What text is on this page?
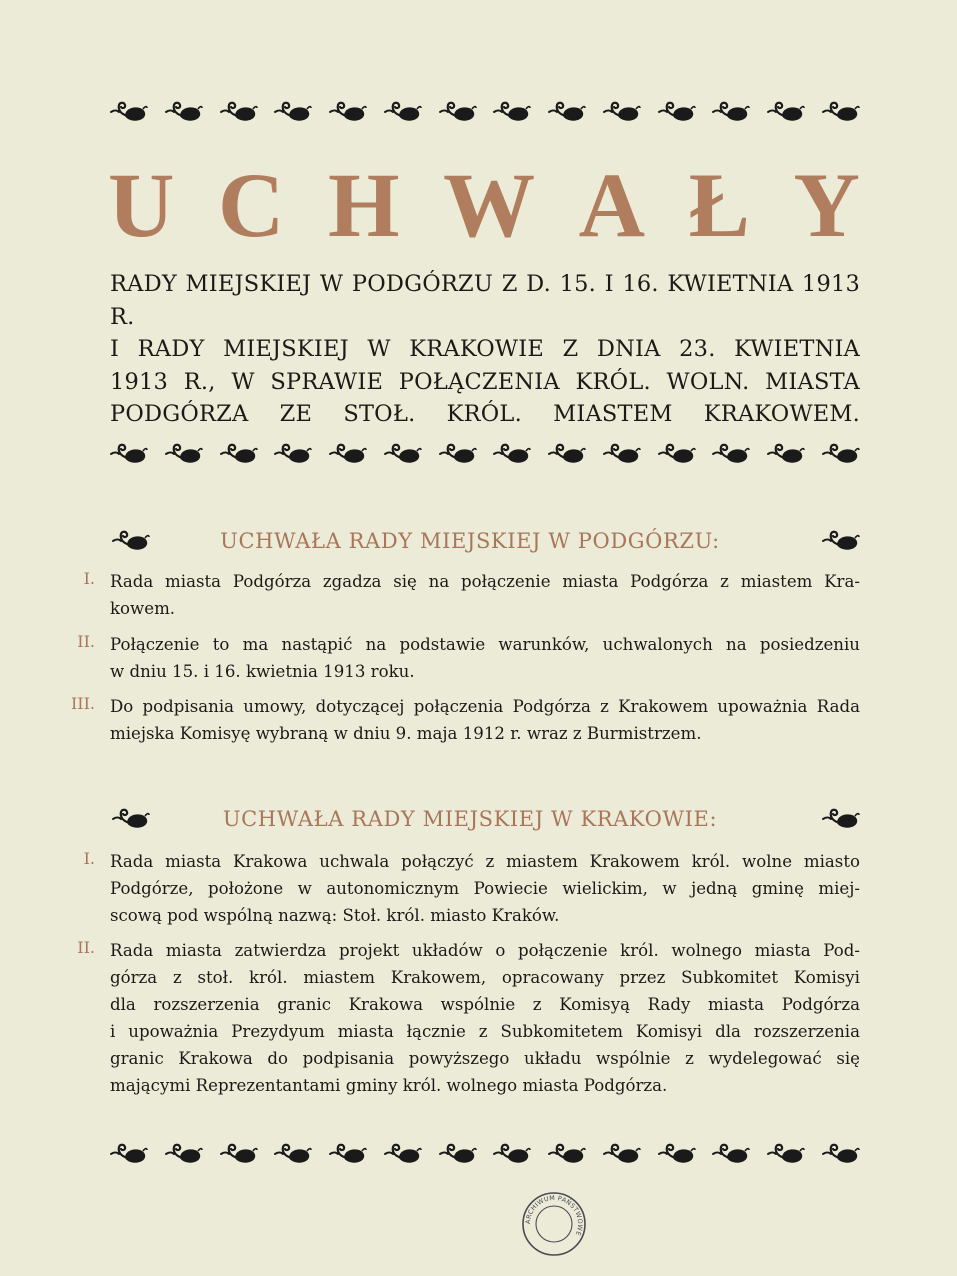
U C H W A Ł Y
RADY MIEJSKIEJ W PODGÓRZU Z D. 15. I 16. KWIETNIA 1913 R.
I RADY MIEJSKIEJ W KRAKOWIE Z DNIA 23. KWIETNIA
1913 R., W SPRAWIE POŁĄCZENIA KRÓL. WOLN. MIASTA
PODGÓRZA ZE STOŁ. KRÓL. MIASTEM KRAKOWEM.
UCHWAŁA RADY MIEJSKIEJ W PODGÓRZU:
I. Rada miasta Podgórza zgadza się na połączenie miasta Podgórza z miastem Kra-
kowem.
II. Połączenie to ma nastąpić na podstawie warunków, uchwalonych na posiedzeniu
w dniu 15. i 16. kwietnia 1913 roku.
III. Do podpisania umowy, dotyczącej połączenia Podgórza z Krakowem upoważnia Rada
miejska Komisyę wybraną w dniu 9. maja 1912 r. wraz z Burmistrzem.
UCHWAŁA RADY MIEJSKIEJ W KRAKOWIE:
I. Rada miasta Krakowa uchwala połączyć z miastem Krakowem król. wolne miasto
Podgórze, położone w autonomicznym Powiecie wielickim, w jedną gminę miej-
scową pod wspólną nazwą: Stoł. król. miasto Kraków.
II. Rada miasta zatwierdza projekt układów o połączenie król. wolnego miasta Pod-
górza z stoł. król. miastem Krakowem, opracowany przez Subkomitet Komisyi
dla rozszerzenia granic Krakowa wspólnie z Komisyą Rady miasta Podgórza
i upoważnia Prezydyum miasta łącznie z Subkomitetem Komisyi dla rozszerzenia
granic Krakowa do podpisania powyższego układu wspólnie z wydelegować się
mającymi Reprezentantami gminy król. wolnego miasta Podgórza.
ARCHIWUM PAŃSTWOWE
